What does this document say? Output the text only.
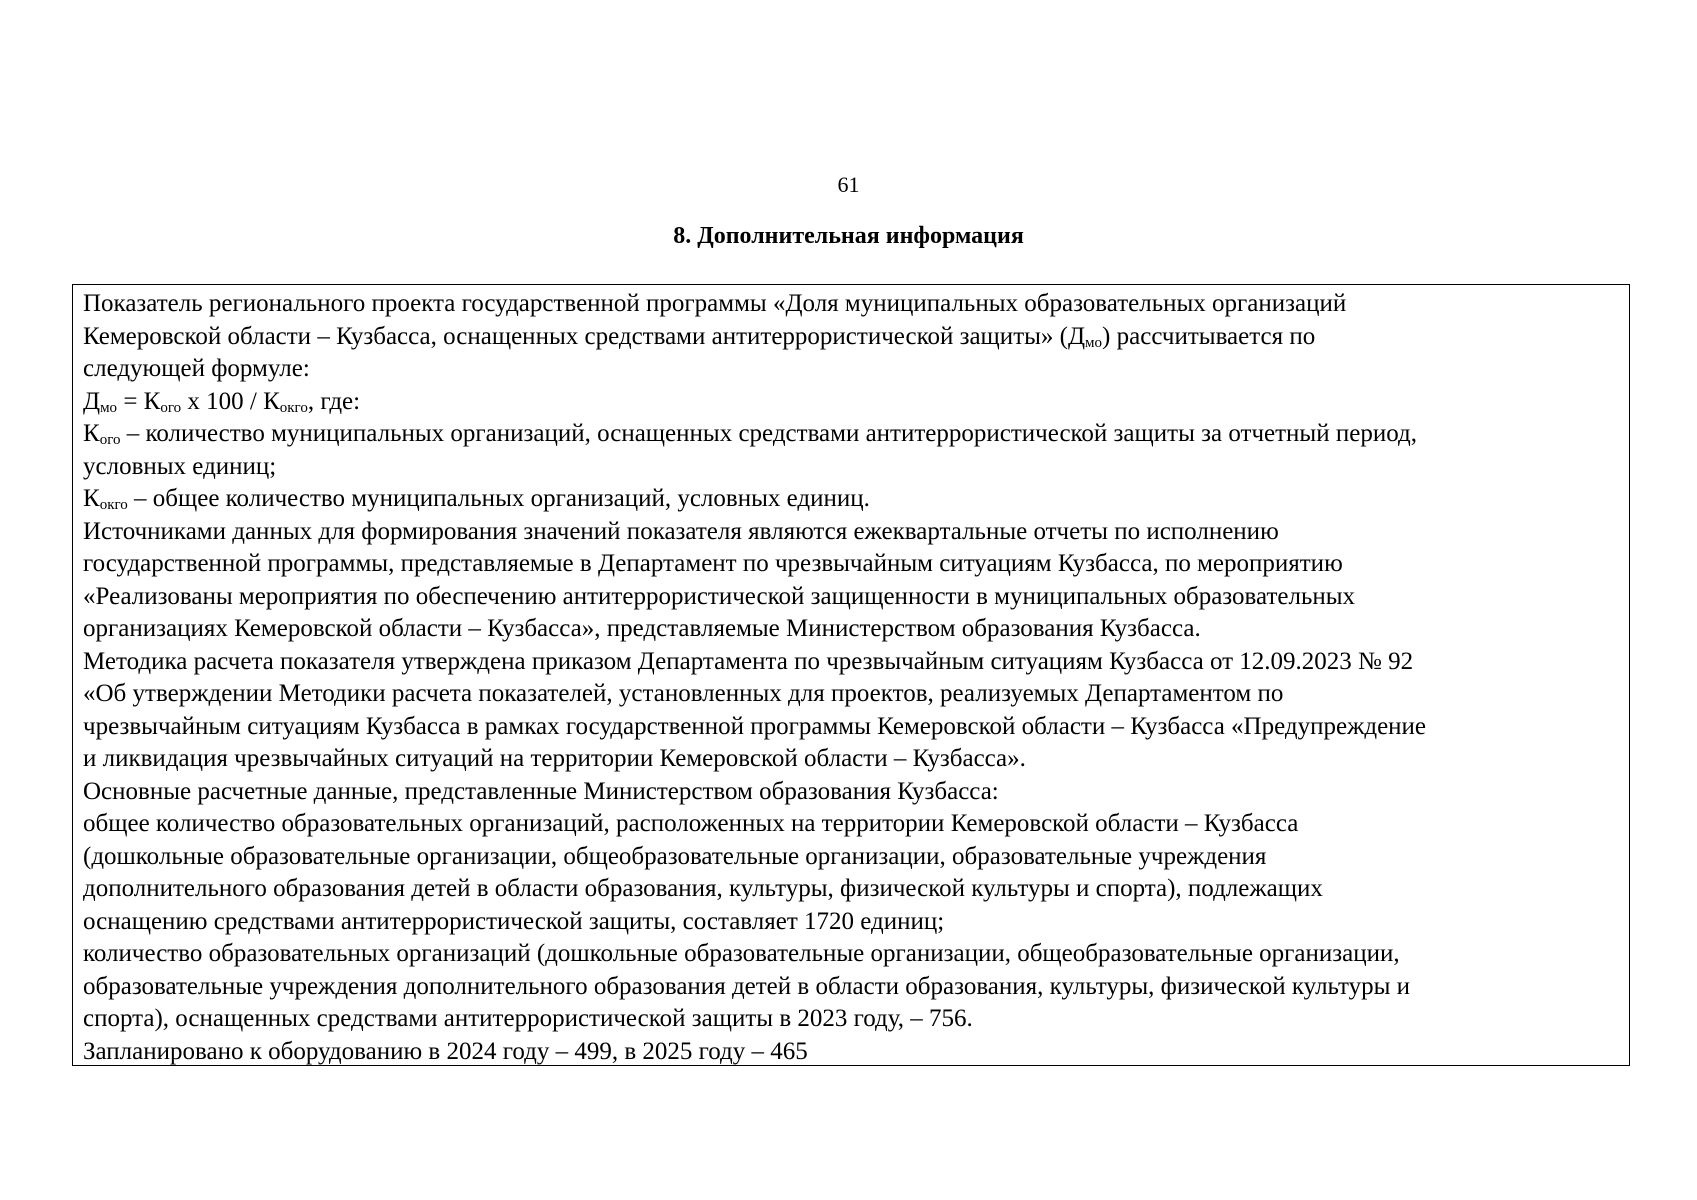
61
8. Дополнительная информация
Показатель регионального проекта государственной программы «Доля муниципальных образовательных организаций
Кемеровской области – Кузбасса, оснащенных средствами антитеррористической защиты» $(Д_{мо})$ рассчитывается по
следующей формуле:
$Д_{мо} = К_{ого}$ х $100 / К_{окго}$, где:
$К_{ого}$ – количество муниципальных организаций, оснащенных средствами антитеррористической защиты за отчетный период,
условных единиц;
$К_{окго}$ – общее количество муниципальных организаций, условных единиц.
Источниками данных для формирования значений показателя являются ежеквартальные отчеты по исполнению
государственной программы, представляемые в Департамент по чрезвычайным ситуациям Кузбасса, по мероприятию
«Реализованы мероприятия по обеспечению антитеррористической защищенности в муниципальных образовательных
организациях Кемеровской области – Кузбасса», представляемые Министерством образования Кузбасса.
Методика расчета показателя утверждена приказом Департамента по чрезвычайным ситуациям Кузбасса от 12.09.2023 № 92
«Об утверждении Методики расчета показателей, установленных для проектов, реализуемых Департаментом по
чрезвычайным ситуациям Кузбасса в рамках государственной программы Кемеровской области – Кузбасса «Предупреждение
и ликвидация чрезвычайных ситуаций на территории Кемеровской области – Кузбасса».
Основные расчетные данные, представленные Министерством образования Кузбасса:
общее количество образовательных организаций, расположенных на территории Кемеровской области – Кузбасса
(дошкольные образовательные организации, общеобразовательные организации, образовательные учреждения
дополнительного образования детей в области образования, культуры, физической культуры и спорта), подлежащих
оснащению средствами антитеррористической защиты, составляет 1720 единиц;
количество образовательных организаций (дошкольные образовательные организации, общеобразовательные организации,
образовательные учреждения дополнительного образования детей в области образования, культуры, физической культуры и
спорта), оснащенных средствами антитеррористической защиты в 2023 году, – 756.
Запланировано к оборудованию в 2024 году – 499, в 2025 году – 465
